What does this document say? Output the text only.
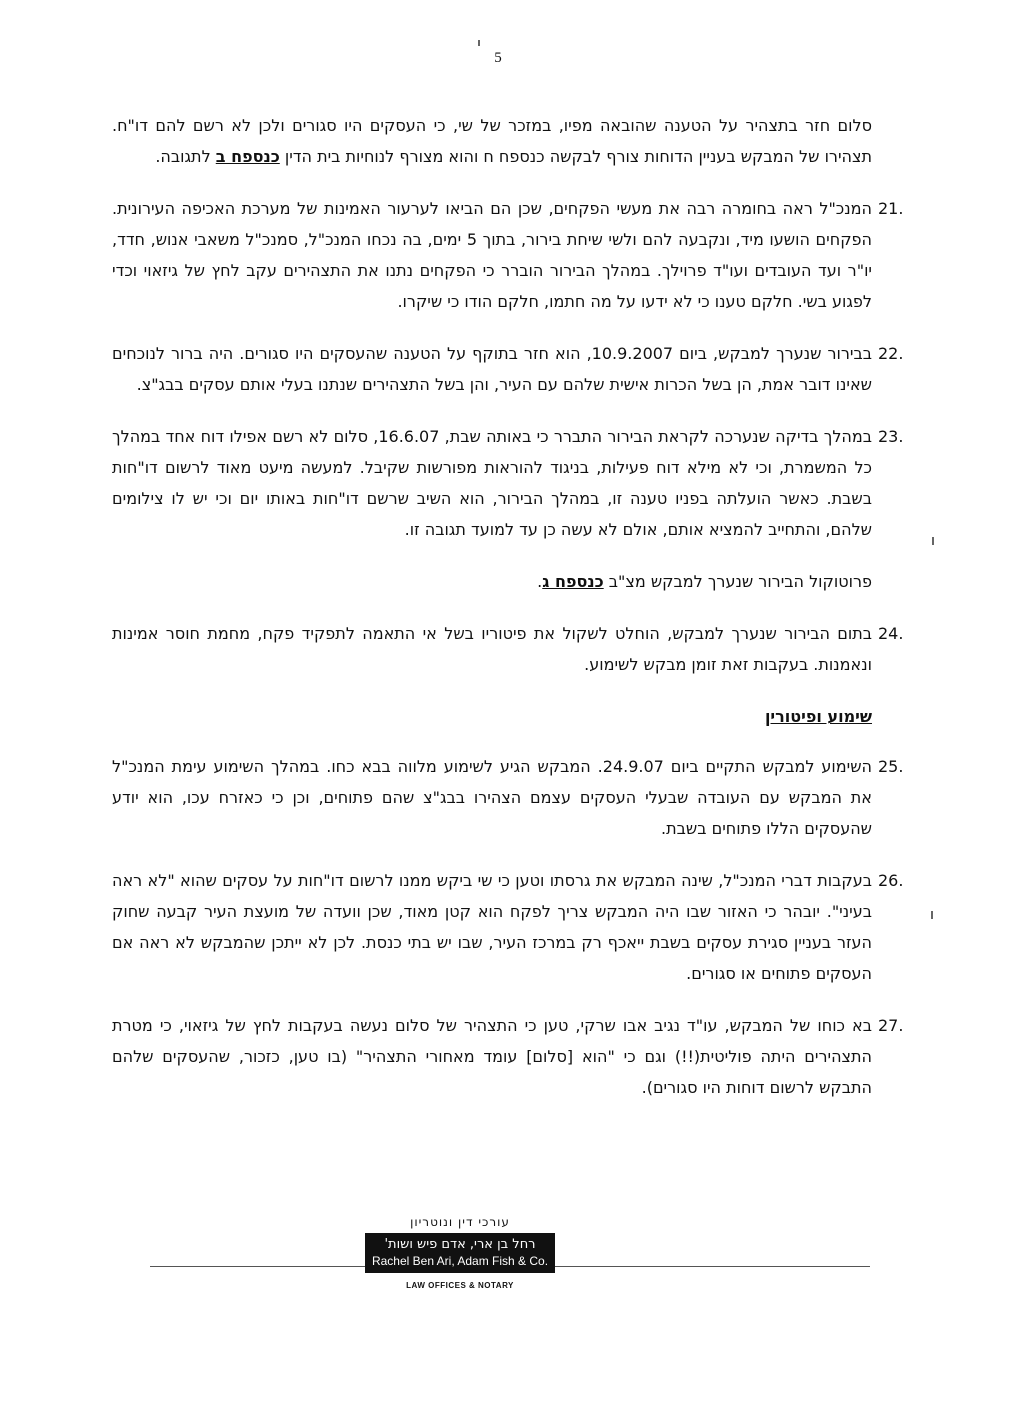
5

סלום חזר בתצהיר על הטענה שהובאה מפיו, במזכר של שי, כי העסקים היו סגורים ולכן לא רשם להם דו"ח. תצהירו של המבקש בעניין הדוחות צורף לבקשה כנספח ח והוא מצורף לנוחיות בית הדין כנספח ב לתגובה.

21.
המנכ"ל ראה בחומרה רבה את מעשי הפקחים, שכן הם הביאו לערעור האמינות של מערכת האכיפה העירונית. הפקחים הושעו מיד, ונקבעה להם ולשי שיחת בירור, בתוך 5 ימים, בה נכחו המנכ"ל, סמנכ"ל משאבי אנוש, חדד, יו"ר ועד העובדים ועו"ד פרוילך. במהלך הבירור הוברר כי הפקחים נתנו את התצהירים עקב לחץ של גיזאוי וכדי לפגוע בשי. חלקם טענו כי לא ידעו על מה חתמו, חלקם הודו כי שיקרו.
22.
בבירור שנערך למבקש, ביום 10.9.2007, הוא חזר בתוקף על הטענה שהעסקים היו סגורים. היה ברור לנוכחים שאינו דובר אמת, הן בשל הכרות אישית שלהם עם העיר, והן בשל התצהירים שנתנו בעלי אותם עסקים בבג"צ.
23.
במהלך בדיקה שנערכה לקראת הבירור התברר כי באותה שבת, 16.6.07, סלום לא רשם אפילו דוח אחד במהלך כל המשמרת, וכי לא מילא דוח פעילות, בניגוד להוראות מפורשות שקיבל. למעשה מיעט מאוד לרשום דו"חות בשבת. כאשר הועלתה בפניו טענה זו, במהלך הבירור, הוא השיב שרשם דו"חות באותו יום וכי יש לו צילומים שלהם, והתחייב להמציא אותם, אולם לא עשה כן עד למועד תגובה זו.

פרוטוקול הבירור שנערך למבקש מצ"ב כנספח ג.

24.
בתום הבירור שנערך למבקש, הוחלט לשקול את פיטוריו בשל אי התאמה לתפקיד פקח, מחמת חוסר אמינות ונאמנות. בעקבות זאת זומן מבקש לשימוע.
שימוע ופיטורין
25.
השימוע למבקש התקיים ביום 24.9.07. המבקש הגיע לשימוע מלווה בבא כחו. במהלך השימוע עימת המנכ"ל את המבקש עם העובדה שבעלי העסקים עצמם הצהירו בבג"צ שהם פתוחים, וכן כי כאזרח עכו, הוא יודע שהעסקים הללו פתוחים בשבת.
26.
בעקבות דברי המנכ"ל, שינה המבקש את גרסתו וטען כי שי ביקש ממנו לרשום דו"חות על עסקים שהוא "לא ראה בעיני". יובהר כי האזור שבו היה המבקש צריך לפקח הוא קטן מאוד, שכן וועדה של מועצת העיר קבעה שחוק העזר בעניין סגירת עסקים בשבת ייאכף רק במרכז העיר, שבו יש בתי כנסת. לכן לא ייתכן שהמבקש לא ראה אם העסקים פתוחים או סגורים.
27.
בא כוחו של המבקש, עו"ד נגיב אבו שרקי, טען כי התצהיר של סלום נעשה בעקבות לחץ של גיזאוי, כי מטרת התצהירים היתה פוליטית(!!) וגם כי "הוא [סלום] עומד מאחורי התצהיר" (בו טען, כזכור, שהעסקים שלהם התבקש לרשום דוחות היו סגורים).
עורכי דין ונוטריון
רחל בן ארי, אדם פיש ושות'
Rachel Ben Ari, Adam Fish & Co.
LAW OFFICES & NOTARY
